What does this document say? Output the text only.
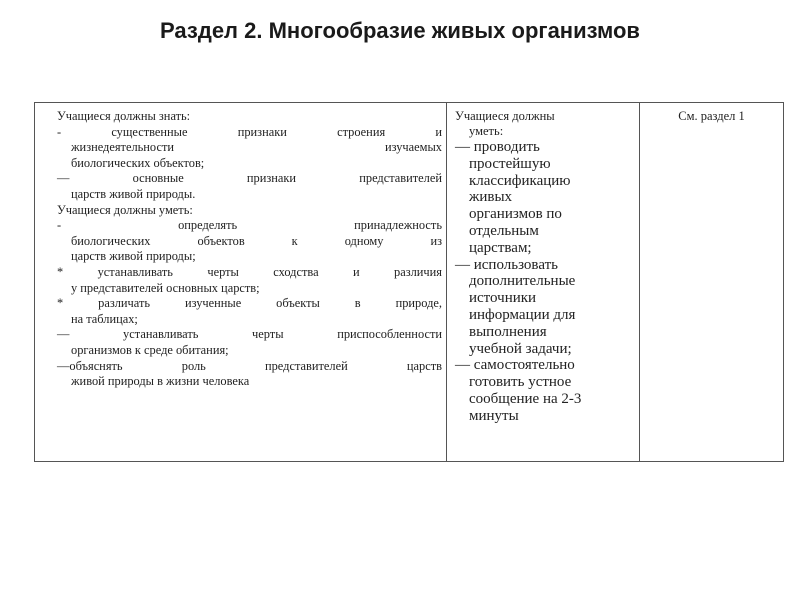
Раздел 2. Многообразие живых организмов
Учащиеся должны знать:
- существенные признаки строения и
жизнедеятельности изучаемых
биологических объектов;
— основные признаки представителей
царств живой природы.
Учащиеся должны уметь:
- определять принадлежность
биологических объектов к одному из
царств живой природы;
* устанавливать черты сходства и различия
у представителей основных царств;
* различать изученные объекты в природе,
на таблицах;
— устанавливать черты приспособленности
организмов к среде обитания;
—объяснять роль представителей царств
живой природы в жизни человека

Учащиеся должны
уметь:
— проводить
простейшую
классификацию
живых
организмов по
отдельным
царствам;
— использовать
дополнительные
источники
информации для
выполнения
учебной задачи;
— самостоятельно
готовить устное
сообщение на 2-3
минуты

См. раздел 1
